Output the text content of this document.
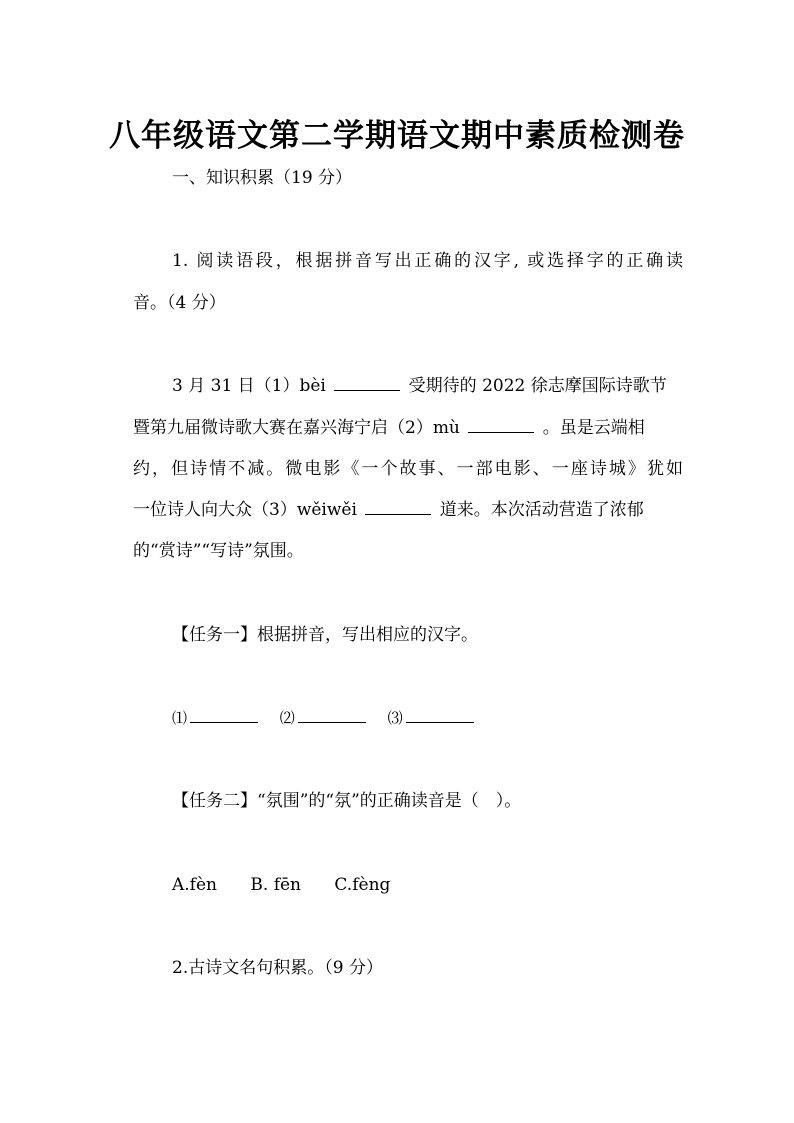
八年级语文第二学期语文期中素质检测卷
一、知识积累（19 分）
1. 阅读语段，根据拼音写出正确的汉字, 或选择字的正确读
音。（4 分）
3 月 31 日（1）bèi	受期待的 2022 徐志摩国际诗歌节
暨第九届微诗歌大赛在嘉兴海宁启（2）mù	。虽是云端相
约，但诗情不减。微电影《一个故事、一部电影、一座诗城》犹如
一位诗人向大众（3）wěiwěi	道来。本次活动营造了浓郁
的“赏诗”“写诗”氛围。
【任务一】根据拼音，写出相应的汉字。
⑴	⑵	⑶
【任务二】“氛围”的“氛”的正确读音是（　）。
A.fèn B. fēn C.fèng
2.古诗文名句积累。（9 分）
